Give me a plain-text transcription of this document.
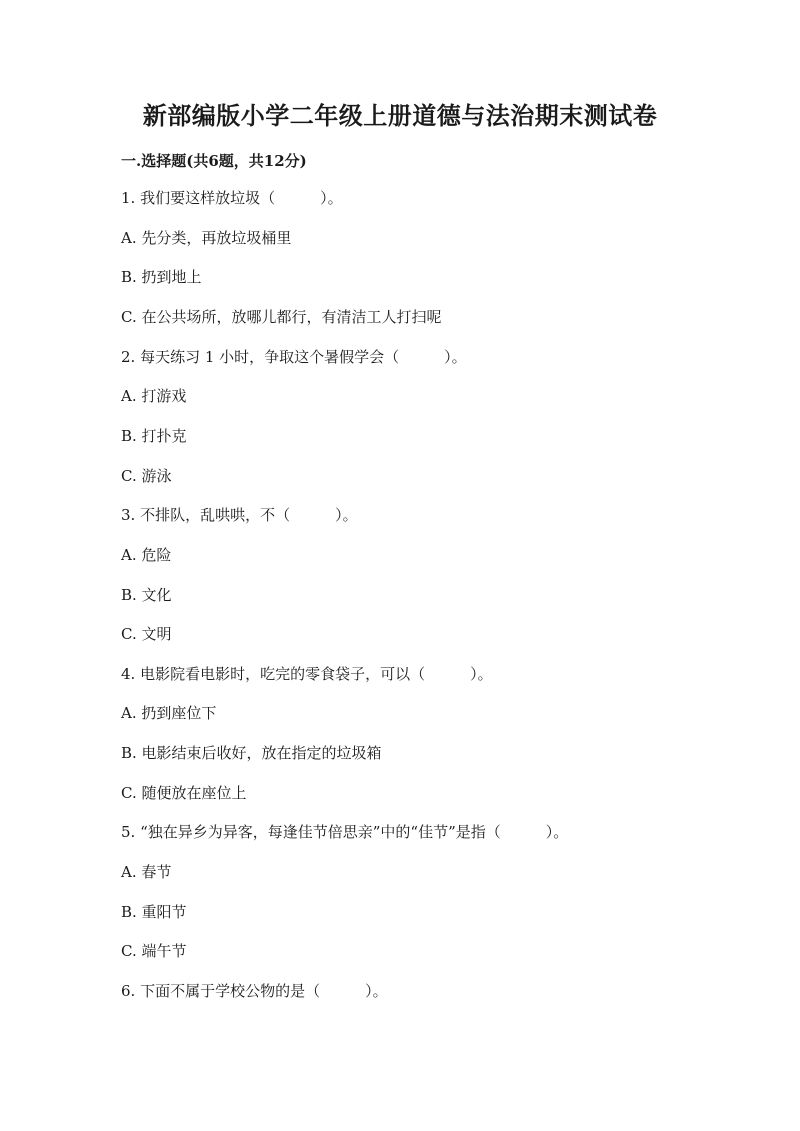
新部编版小学二年级上册道德与法治期末测试卷

一.选择题(共6题，共12分)

1. 我们要这样放垃圾（　　　）。

A. 先分类，再放垃圾桶里

B. 扔到地上

C. 在公共场所，放哪儿都行，有清洁工人打扫呢

2. 每天练习 1 小时，争取这个暑假学会（　　　）。

A. 打游戏

B. 打扑克

C. 游泳

3. 不排队，乱哄哄，不（　　　）。

A. 危险

B. 文化

C. 文明

4. 电影院看电影时，吃完的零食袋子，可以（　　　）。

A. 扔到座位下

B. 电影结束后收好，放在指定的垃圾箱

C. 随便放在座位上

5. “独在异乡为异客，每逢佳节倍思亲”中的“佳节”是指（　　　）。

A. 春节

B. 重阳节

C. 端午节

6. 下面不属于学校公物的是（　　　）。
